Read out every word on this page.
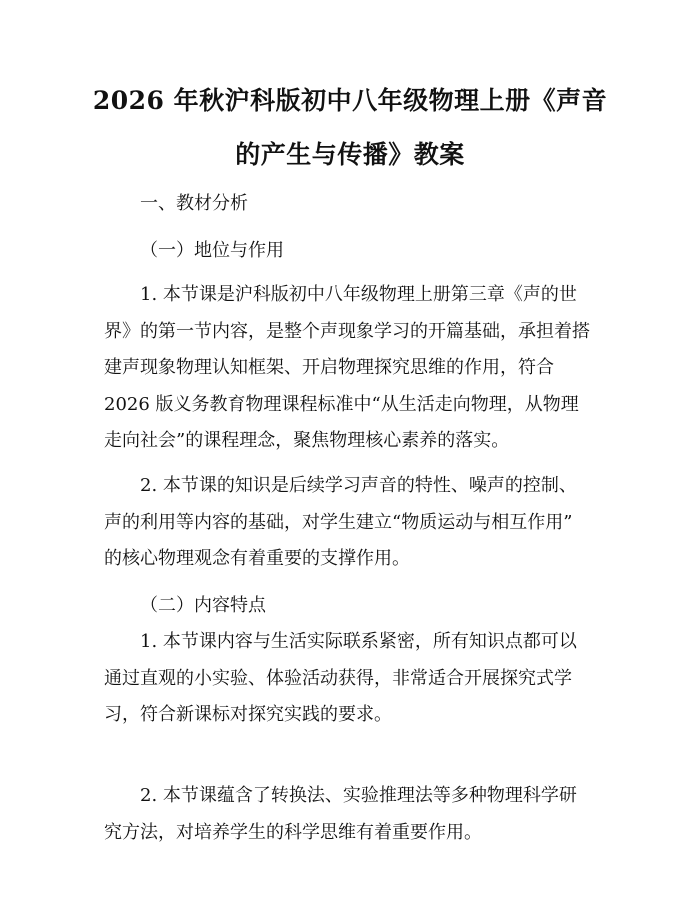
2026 年秋沪科版初中八年级物理上册《声音
的产生与传播》教案
一、教材分析
（一）地位与作用
1. 本节课是沪科版初中八年级物理上册第三章《声的世
界》的第一节内容，是整个声现象学习的开篇基础，承担着搭
建声现象物理认知框架、开启物理探究思维的作用，符合
2026 版义务教育物理课程标准中“从生活走向物理，从物理
走向社会”的课程理念，聚焦物理核心素养的落实。
2. 本节课的知识是后续学习声音的特性、噪声的控制、
声的利用等内容的基础，对学生建立“物质运动与相互作用”
的核心物理观念有着重要的支撑作用。
（二）内容特点
1. 本节课内容与生活实际联系紧密，所有知识点都可以
通过直观的小实验、体验活动获得，非常适合开展探究式学
习，符合新课标对探究实践的要求。
2. 本节课蕴含了转换法、实验推理法等多种物理科学研
究方法，对培养学生的科学思维有着重要作用。
